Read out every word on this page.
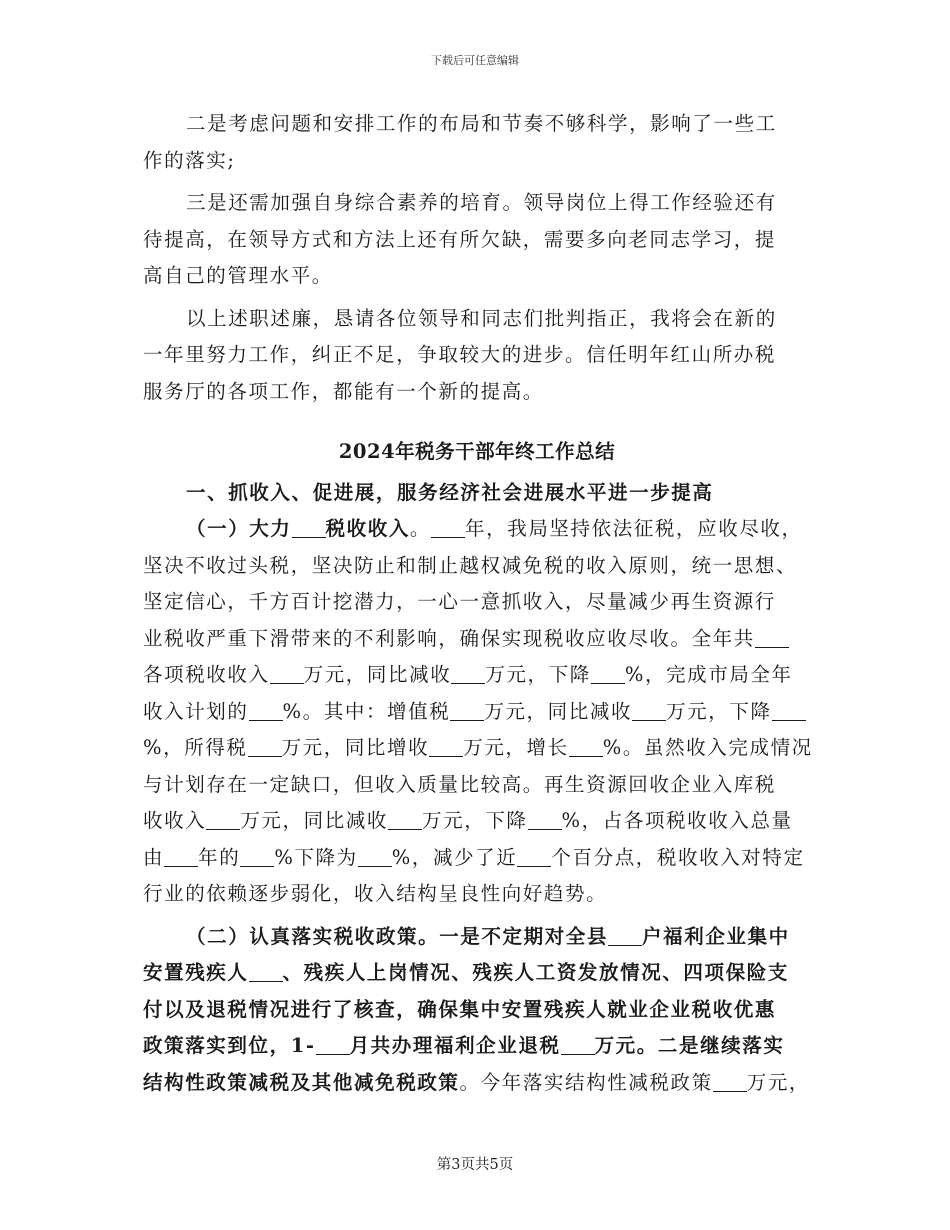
下载后可任意编辑
二是考虑问题和安排工作的布局和节奏不够科学，影响了一些工
作的落实;
三是还需加强自身综合素养的培育。领导岗位上得工作经验还有
待提高，在领导方式和方法上还有所欠缺，需要多向老同志学习，提
高自己的管理水平。
以上述职述廉，恳请各位领导和同志们批判指正，我将会在新的
一年里努力工作，纠正不足，争取较大的进步。信任明年红山所办税
服务厅的各项工作，都能有一个新的提高。
2024年税务干部年终工作总结
一、抓收入、促进展，服务经济社会进展水平进一步提高
（一）大力 税收收入。 年，我局坚持依法征税，应收尽收，
坚决不收过头税，坚决防止和制止越权减免税的收入原则，统一思想、
坚定信心，千方百计挖潜力，一心一意抓收入，尽量减少再生资源行
业税收严重下滑带来的不利影响，确保实现税收应收尽收。全年共
各项税收收入 万元，同比减收 万元，下降 %，完成市局全年
收入计划的 %。其中：增值税 万元，同比减收 万元，下降
%，所得税 万元，同比增收 万元，增长 %。虽然收入完成情况
与计划存在一定缺口，但收入质量比较高。再生资源回收企业入库税
收收入 万元，同比减收 万元，下降 %，占各项税收收入总量
由 年的 %下降为 %，减少了近 个百分点，税收收入对特定
行业的依赖逐步弱化，收入结构呈良性向好趋势。
（二）认真落实税收政策。一是不定期对全县 户福利企业集中
安置残疾人 、残疾人上岗情况、残疾人工资发放情况、四项保险支
付以及退税情况进行了核查，确保集中安置残疾人就业企业税收优惠
政策落实到位，1- 月共办理福利企业退税 万元。二是继续落实
结构性政策减税及其他减免税政策。今年落实结构性减税政策 万元，
第3页共5页
